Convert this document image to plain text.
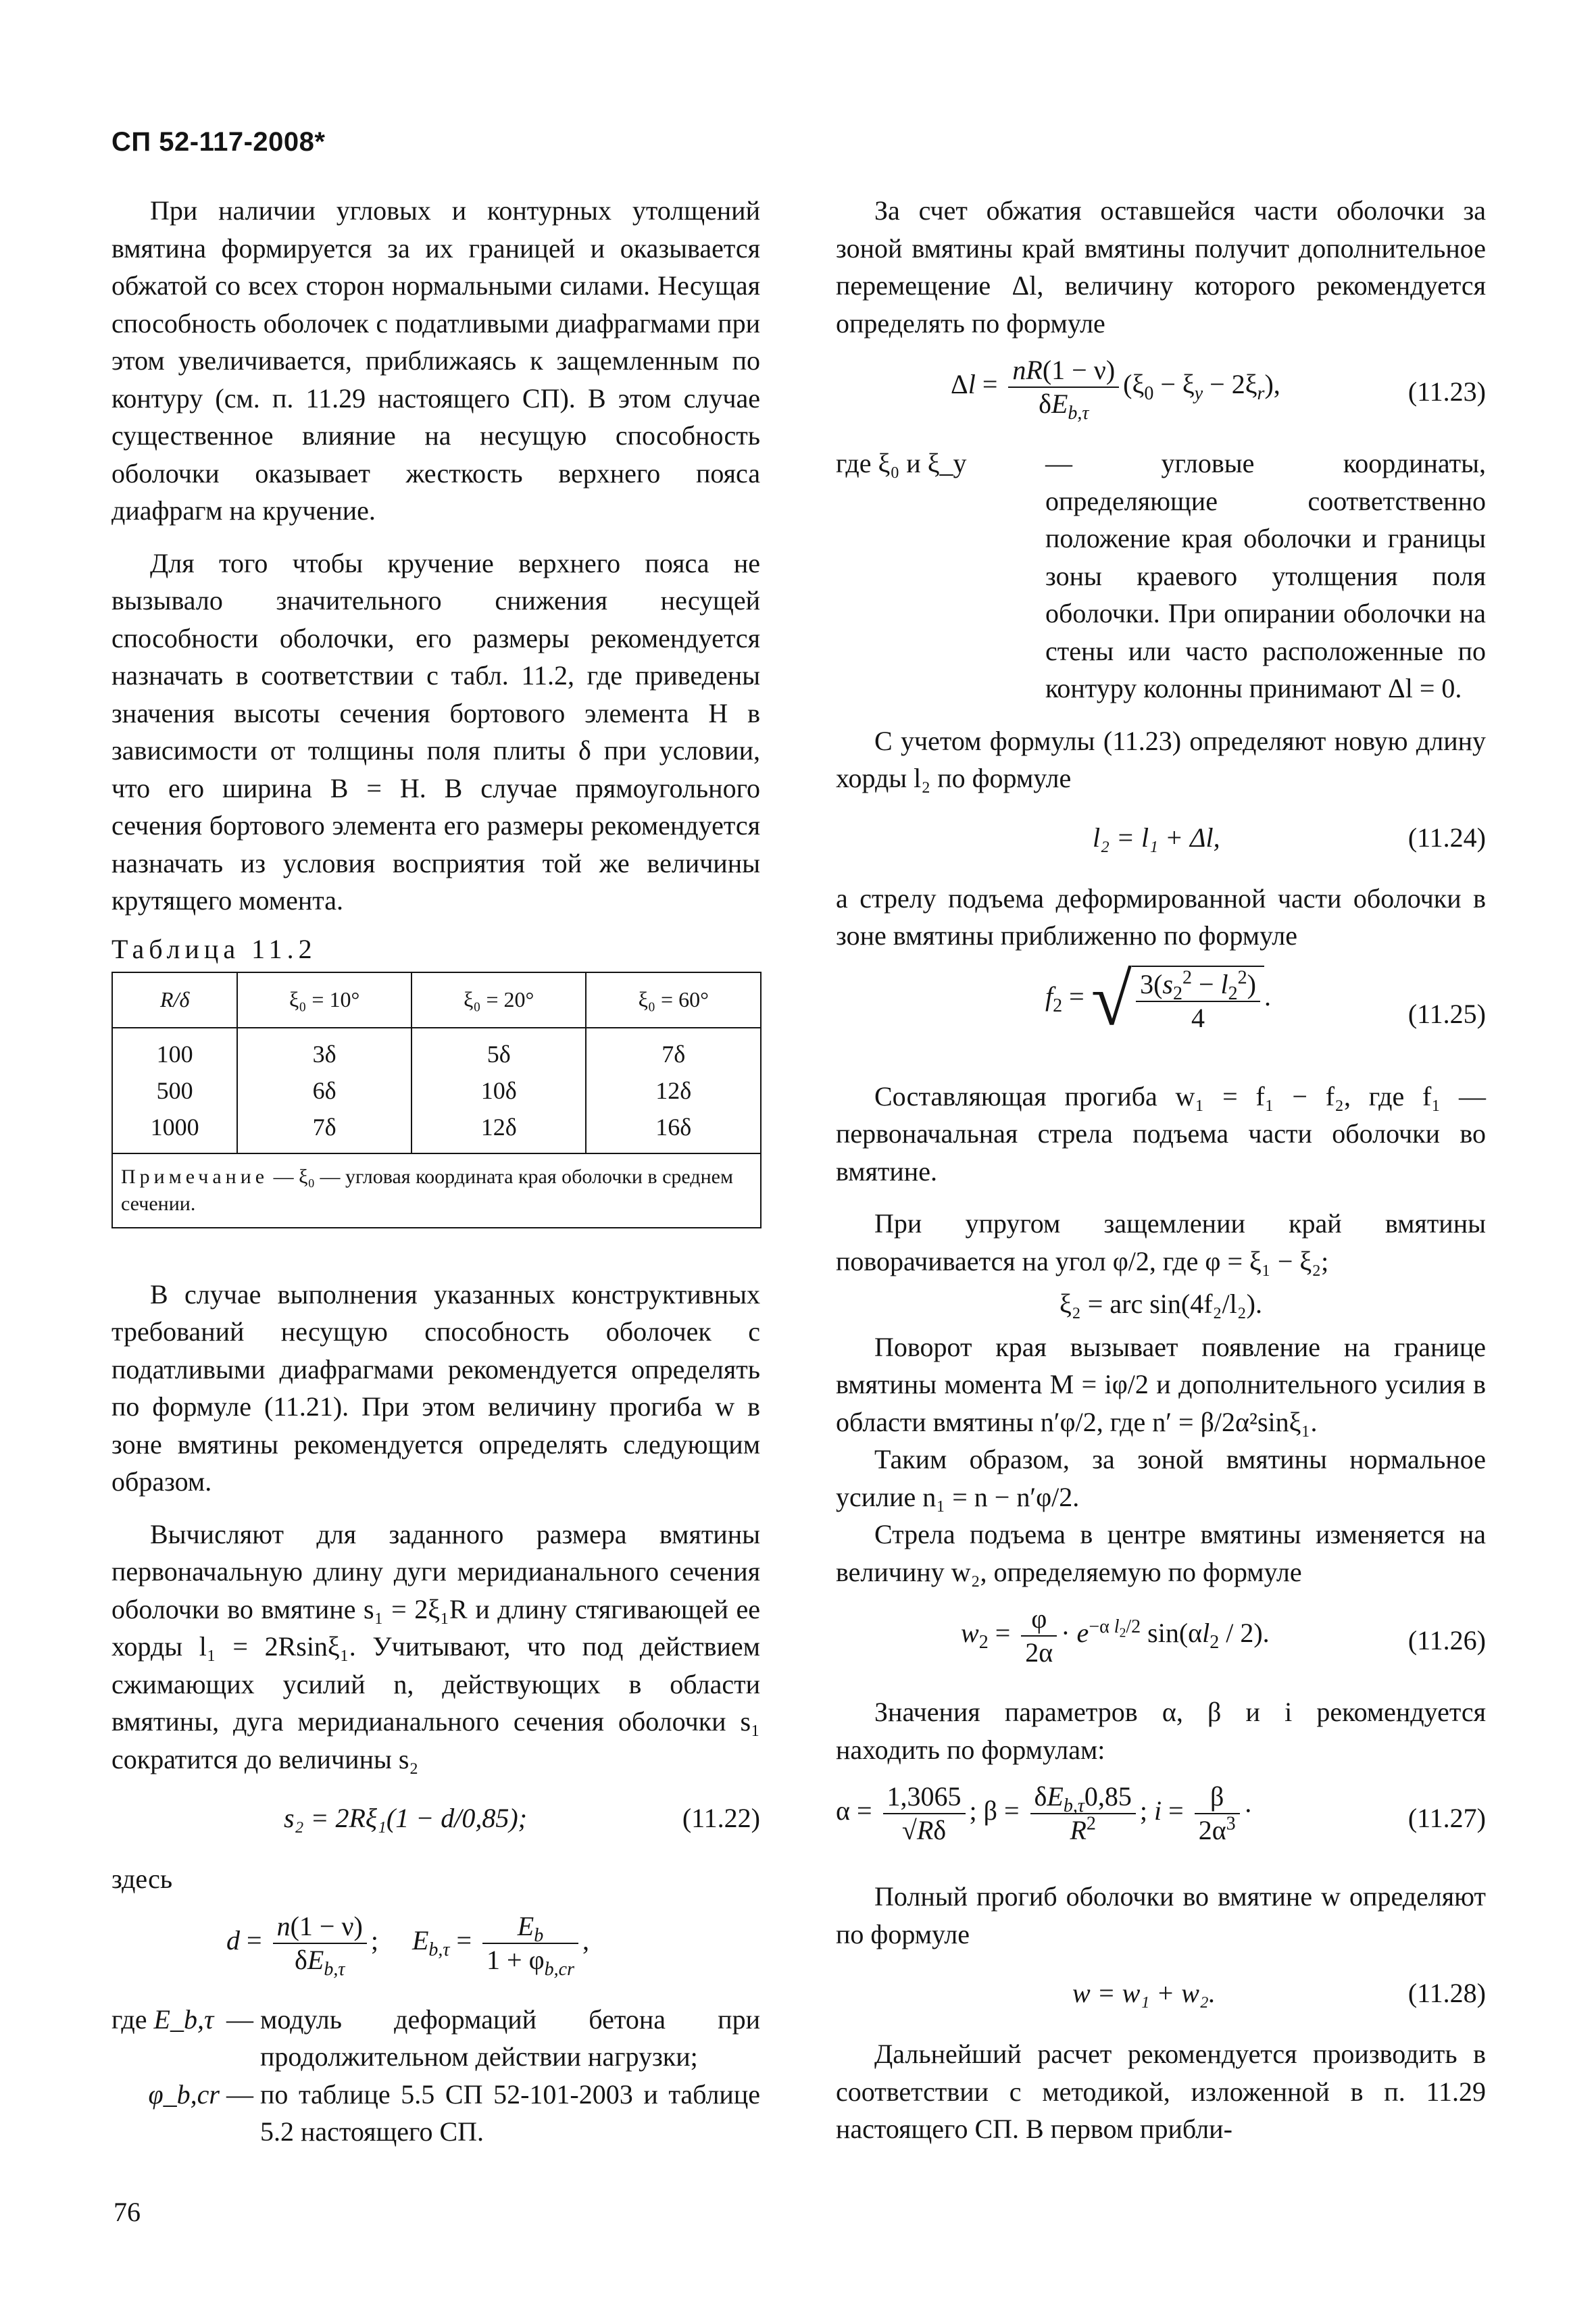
СП 52-117-2008*

При наличии угловых и контурных утолщений вмятина формируется за их границей и оказывается обжатой со всех сторон нормальными силами. Несущая способность оболочек с податливыми диафрагмами при этом увеличивается, приближаясь к защемленным по контуру (см. п. 11.29 настоящего СП). В этом случае существенное влияние на несущую способность оболочки оказывает жесткость верхнего пояса диафрагм на кручение.

Для того чтобы кручение верхнего пояса не вызывало значительного снижения несущей способности оболочки, его размеры рекомендуется назначать в соответствии с табл. 11.2, где приведены значения высоты сечения бортового элемента H в зависимости от толщины поля плиты δ при условии, что его ширина B = H. В случае прямоугольного сечения бортового элемента его размеры рекомендуется назначать из условия восприятия той же величины крутящего момента.

Таблица 11.2
R/δ	ξ₀ = 10°	ξ₀ = 20°	ξ₀ = 60°
100	3δ	5δ	7δ
500	6δ	10δ	12δ
1000	7δ	12δ	16δ
Примечание — ξ₀ — угловая координата края оболочки в среднем сечении.			

В случае выполнения указанных конструктивных требований несущую способность оболочек с податливыми диафрагмами рекомендуется определять по формуле (11.21). При этом величину прогиба w в зоне вмятины рекомендуется определять следующим образом.

Вычисляют для заданного размера вмятины первоначальную длину дуги меридианального сечения оболочки во вмятине s₁ = 2ξ₁R и длину стягивающей ее хорды l₁ = 2Rsinξ₁. Учитывают, что под действием сжимающих усилий n, действующих в области вмятины, дуга меридианального сечения оболочки s₁ сократится до величины s₂

s₂ = 2Rξ₁(1 − d/0,85);	(11.22)

здесь

$d = \frac{n(1 - \nu)}{\delta E_{b,\tau}}$ ;     $E_{b,\tau} = \frac{E_b}{1 + \varphi_{b,cr}}$ ,
где E_b,τ — модуль деформаций бетона при продолжительном действии нагрузки;
φ_b,cr — по таблице 5.5 СП 52-101-2003 и таблице 5.2 настоящего СП.

За счет обжатия оставшейся части оболочки за зоной вмятины край вмятины получит дополнительное перемещение Δl, величину которого рекомендуется определять по формуле

$\Delta l = \frac{nR(1 - \nu)}{\delta E_{b,\tau}} (\xi_0 - \xi_y - 2\xi_r)$,	(11.23)
где ξ₀ и ξ_y	— угловые координаты, определяющие соответственно положение края оболочки и границы зоны краевого утолщения поля оболочки. При опирании оболочки на стены или часто расположенные по контуру колонны принимают Δl = 0.

С учетом формулы (11.23) определяют новую длину хорды l₂ по формуле

l₂ = l₁ + Δl,	(11.24)

а стрелу подъема деформированной части оболочки в зоне вмятины приближенно по формуле

$f_2$ = √ $\frac{3(s_2^2 - l_2^2)}{4}$ .
(11.25)

Составляющая прогиба w₁ = f₁ − f₂, где f₁ — первоначальная стрела подъема части оболочки во вмятине.

При упругом защемлении край вмятины поворачивается на угол φ/2, где φ = ξ₁ − ξ₂;

ξ₂ = arc sin(4f₂/l₂).

Поворот края вызывает появление на границе вмятины момента M = iφ/2 и дополнительного усилия в области вмятины n′φ/2, где n′ = β/2α²sinξ₁.

Таким образом, за зоной вмятины нормальное усилие n₁ = n − n′φ/2.

Стрела подъема в центре вмятины изменяется на величину w₂, определяемую по формуле

$w_2 = \frac{\varphi}{2\alpha} \cdot e^{-\alpha l_2/2}$ $\sin(\alpha l_2 / 2)$.	(11.26)

Значения параметров α, β и i рекомендуется находить по формулам:

$\alpha = \frac{1,3065}{√R\delta}$ ; $\beta = \frac{\delta E_{b,\tau}0,85}{R^2}$ ; $i = \frac{\beta}{2\alpha^3}$ ·	(11.27)

Полный прогиб оболочки во вмятине w определяют по формуле

w = w₁ + w₂.	(11.28)

Дальнейший расчет рекомендуется производить в соответствии с методикой, изложенной в п. 11.29 настоящего СП. В первом прибли-

76
